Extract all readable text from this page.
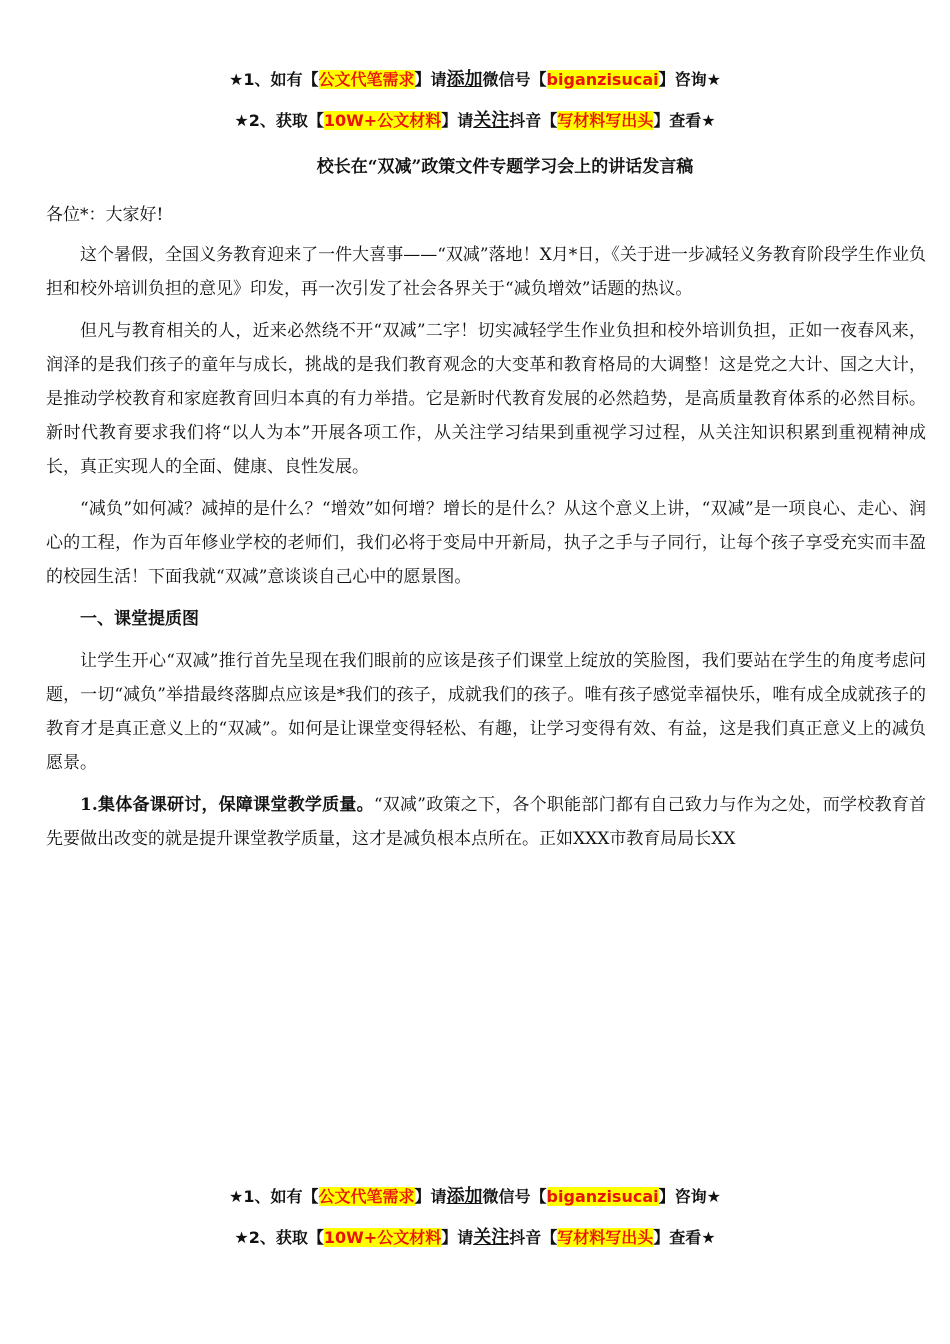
★1、如有【公文代笔需求】请添加微信号【biganzisucai】咨询★
★2、获取【10W+公文材料】请关注抖音【写材料写出头】查看★
校长在“双减”政策文件专题学习会上的讲话发言稿

各位*：大家好!

这个暑假，全国义务教育迎来了一件大喜事——“双减”落地！X月*日，《关于进一步减轻义务教育阶段学生作业负担和校外培训负担的意见》印发，再一次引发了社会各界关于“减负增效”话题的热议。

但凡与教育相关的人，近来必然绕不开“双减”二字！切实减轻学生作业负担和校外培训负担，正如一夜春风来，润泽的是我们孩子的童年与成长，挑战的是我们教育观念的大变革和教育格局的大调整！这是党之大计、国之大计，是推动学校教育和家庭教育回归本真的有力举措。它是新时代教育发展的必然趋势，是高质量教育体系的必然目标。新时代教育要求我们将“以人为本”开展各项工作，从关注学习结果到重视学习过程，从关注知识积累到重视精神成长，真正实现人的全面、健康、良性发展。

“减负”如何减？减掉的是什么？“增效”如何增？增长的是什么？从这个意义上讲，“双减”是一项良心、走心、润心的工程，作为百年修业学校的老师们，我们必将于变局中开新局，执子之手与子同行，让每个孩子享受充实而丰盈的校园生活！下面我就“双减”意谈谈自己心中的愿景图。

一、课堂提质图

让学生开心“双减”推行首先呈现在我们眼前的应该是孩子们课堂上绽放的笑脸图，我们要站在学生的角度考虑问题，一切“减负”举措最终落脚点应该是*我们的孩子，成就我们的孩子。唯有孩子感觉幸福快乐，唯有成全成就孩子的教育才是真正意义上的“双减”。如何是让课堂变得轻松、有趣，让学习变得有效、有益，这是我们真正意义上的减负愿景。

1.集体备课研讨，保障课堂教学质量。“双减”政策之下，各个职能部门都有自己致力与作为之处，而学校教育首先要做出改变的就是提升课堂教学质量，这才是减负根本点所在。正如XXX市教育局局长XX

★1、如有【公文代笔需求】请添加微信号【biganzisucai】咨询★
★2、获取【10W+公文材料】请关注抖音【写材料写出头】查看★
